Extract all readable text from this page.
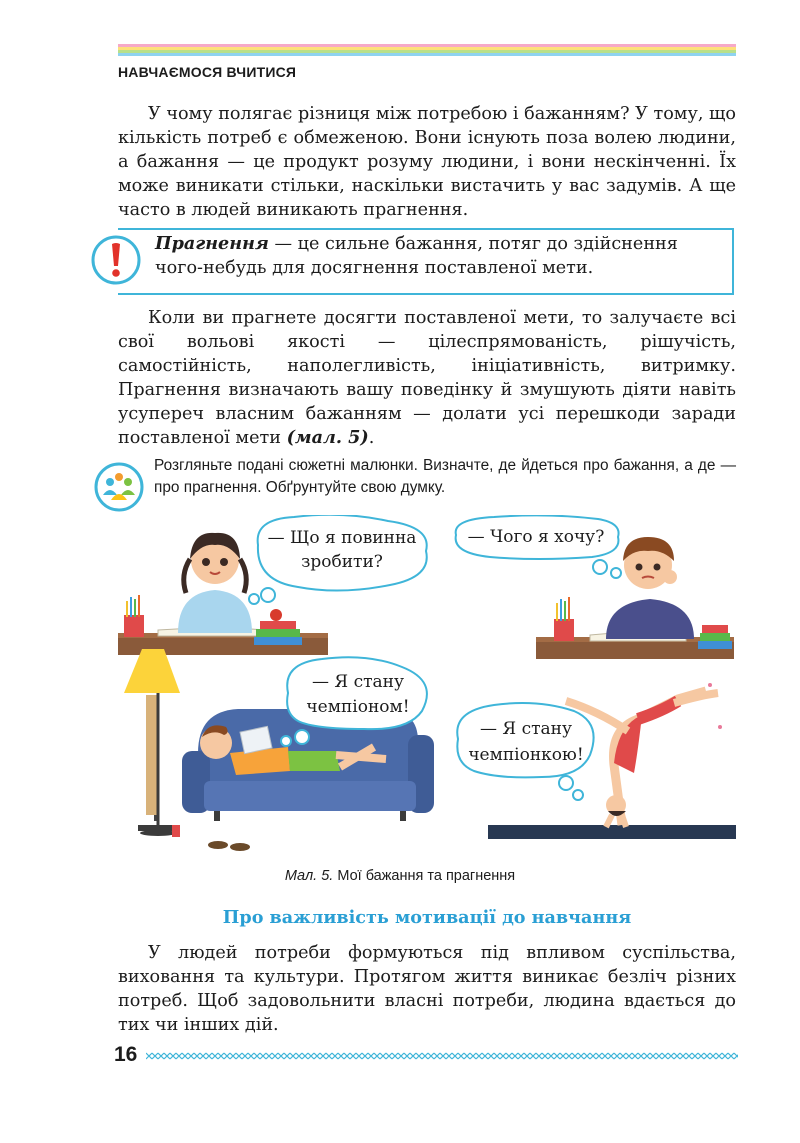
НАВЧАЄМОСЯ ВЧИТИСЯ

У чому полягає різниця між потребою і бажанням? У тому, що кількість потреб є обмеженою. Вони існують поза волею людини, а бажання — це продукт розуму людини, і вони нескінченні. Їх може виникати стільки, наскільки вистачить у вас задумів. А ще часто в людей виникають прагнення.

Прагнення — це сильне бажання, потяг до здійснення чого-небудь для досягнення поставленої мети.

Коли ви прагнете досягти поставленої мети, то залучаєте всі свої вольові якості — цілеспрямованість, рішучість, самостійність, наполегливість, ініціативність, витримку. Прагнення визначають вашу поведінку й змушують діяти навіть усупереч власним бажанням — долати усі перешкоди заради поставленої мети (мал. 5).

Розгляньте подані сюжетні малюнки. Визначте, де йдеться про бажання, а де — про прагнення. Обґрунтуйте свою думку.
— Що я повинна
зробити?
— Чого я хочу?
— Я стану
чемпіоном!
— Я стану
чемпіонкою!
Мал. 5. Мої бажання та прагнення
Про важливість мотивації до навчання

У людей потреби формуються під впливом суспільства, виховання та культури. Протягом життя виникає безліч різних потреб. Щоб задовольнити власні потреби, людина вдається до тих чи інших дій.

16
